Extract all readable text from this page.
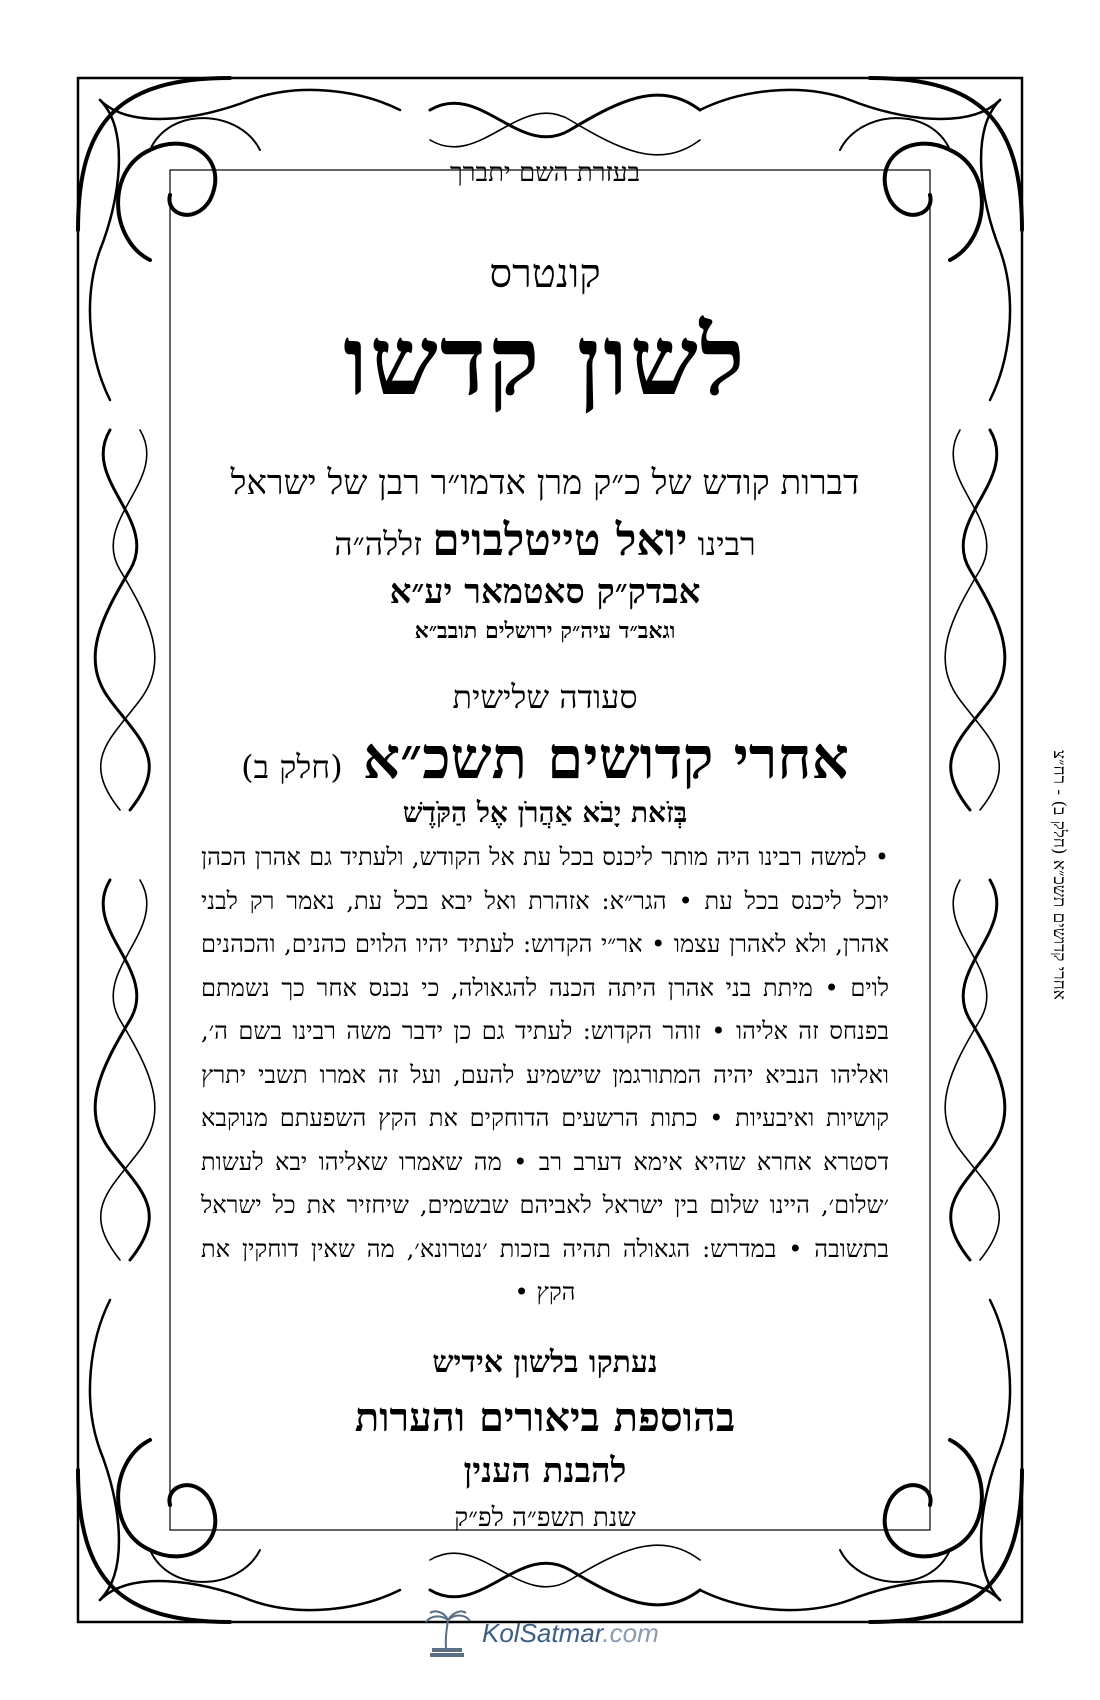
בעזרת השם יתברך
קונטרס
לשון קדשו
דברות קודש של כ״ק מרן אדמו״ר רבן של ישראל
רבינו יואל טייטלבוים זללה״ה
אבדק״ק סאטמאר יע״א
וגאב״ד עיה״ק ירושלים תובב״א
סעודה שלישית
אחרי קדושים תשכ״א (חלק ב)
בְּזֹאת יָבֹא אַהֲרֹן אֶל הַקֹּדֶשׁ
• למשה רבינו היה מותר ליכנס בכל עת אל הקודש, ולעתיד גם אהרן הכהן יוכל ליכנס בכל עת • הגר״א: אזהרת ואל יבא בכל עת, נאמר רק לבני אהרן, ולא לאהרן עצמו • אר״י הקדוש: לעתיד יהיו הלוים כהנים, והכהנים לוים • מיתת בני אהרן היתה הכנה להגאולה, כי נכנס אחר כך נשמתם בפנחס זה אליהו • זוהר הקדוש: לעתיד גם כן ידבר משה רבינו בשם ה׳, ואליהו הנביא יהיה המתורגמן שישמיע להעם, ועל זה אמרו תשבי יתרץ קושיות ואיבעיות • כתות הרשעים הדוחקים את הקץ השפעתם מנוקבא דסטרא אחרא שהיא אימא דערב רב • מה שאמרו שאליהו יבא לעשות ׳שלום׳, היינו שלום בין ישראל לאביהם שבשמים, שיחזיר את כל ישראל בתשובה • במדרש: הגאולה תהיה בזכות ׳נטרונא׳, מה שאין דוחקין את הקץ •
נעתקו בלשון אידיש
בהוספת ביאורים והערות
להבנת הענין
שנת תשפ״ה לפ״ק
אחרי קדושים תשכ״א (חלק ב) - רח״צ
KolSatmar.com
